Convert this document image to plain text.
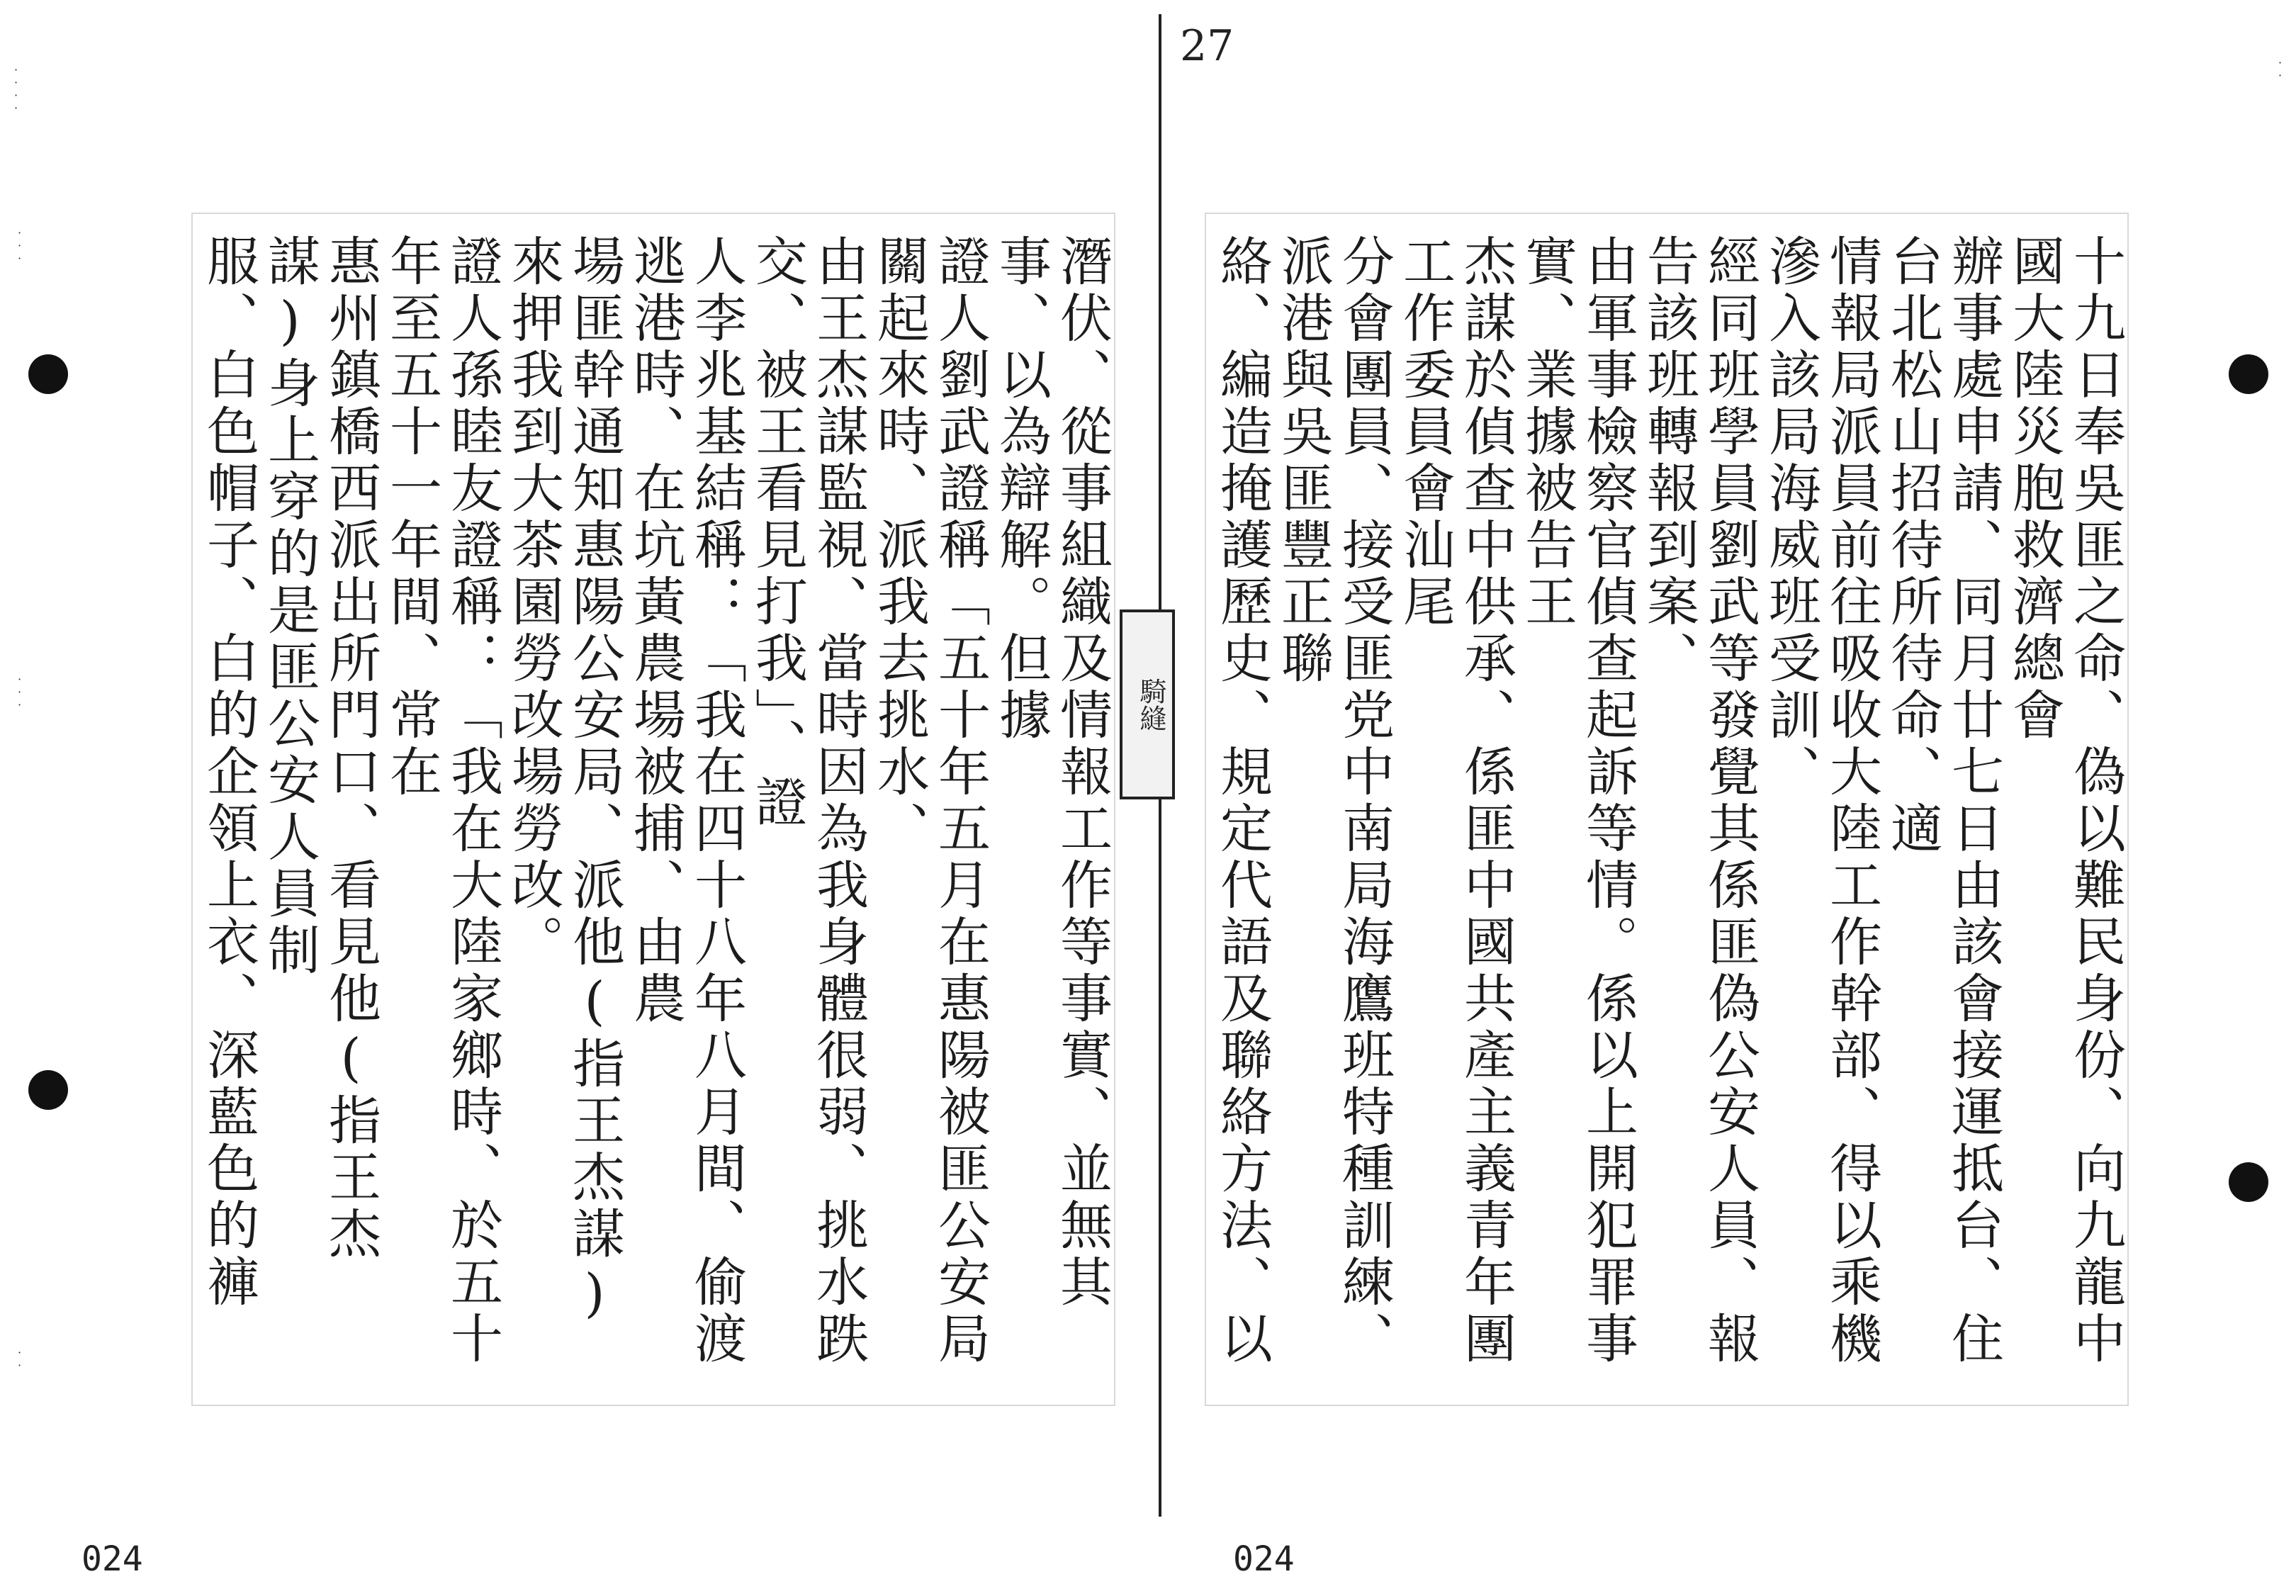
潛伏、從事組織及情報工作等事實、並無其事、以為辯解。但據
證人劉武證稱「五十年五月在惠陽被匪公安局關起來時、派我去挑水、
由王杰謀監視、當時因為我身體很弱、挑水跌交、被王看見打我」、證
人李兆基結稱：「我在四十八年八月間、偷渡逃港時、在坑黃農場被捕、由農
場匪幹通知惠陽公安局、派他(指王杰謀)來押我到大茶園勞改場勞改。
證人孫睦友證稱：「我在大陸家鄉時、於五十年至五十一年間、常在
惠州鎮橋西派出所門口、看見他(指王杰謀)身上穿的是匪公安人員制
服、白色帽子、白的企領上衣、深藍色的褲
024
·
·
·
·
·
·
·
·
·
·
·
·
騎縫
·
·
27
十九日奉吳匪之命、偽以難民身份、向九龍中國大陸災胞救濟總會
辦事處申請、同月廿七日由該會接運抵台、住台北松山招待所待命、適
情報局派員前往吸收大陸工作幹部、得以乘機滲入該局海威班受訓、
經同班學員劉武等發覺其係匪偽公安人員、報告該班轉報到案、
由軍事檢察官偵查起訴等情。係以上開犯罪事實、業據被告王
杰謀於偵查中供承、係匪中國共產主義青年團工作委員會汕尾
分會團員、接受匪党中南局海鷹班特種訓練、派港與吳匪豐正聯
絡、編造掩護歷史、規定代語及聯絡方法、以
024
